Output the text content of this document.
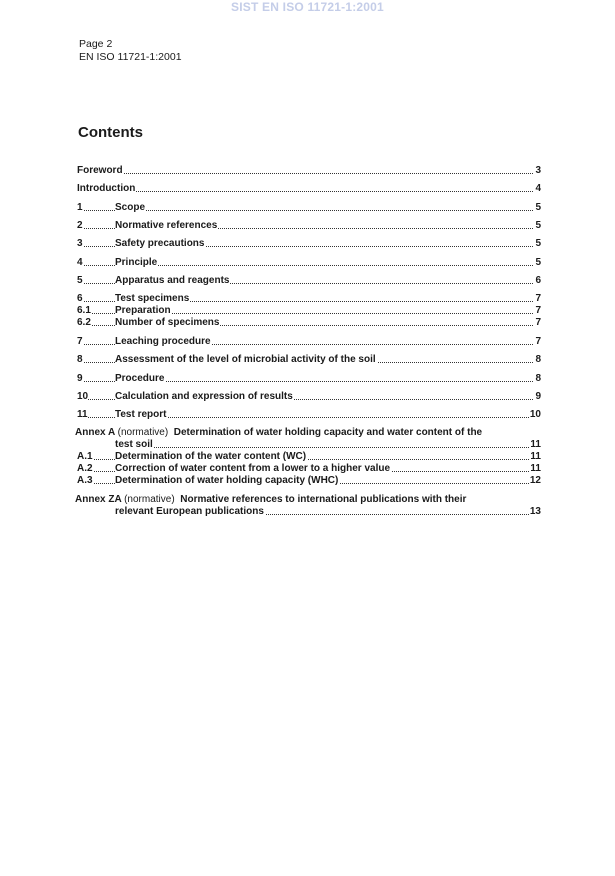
SIST EN ISO 11721-1:2001
Page 2
EN ISO 11721-1:2001
Contents
Foreword	3
Introduction	4
1	Scope	5
2	Normative references	5
3	Safety precautions	5
4	Principle	5
5	Apparatus and reagents	6
6	Test specimens	7
6.1 Preparation	7
6.2 Number of specimens	7
7	Leaching procedure	7
8	Assessment of the level of microbial activity of the soil	8
9	Procedure	8
10	Calculation and expression of results	9
11	Test report	10
Annex A (normative) Determination of water holding capacity and water content of the
test soil	11
A.1 Determination of the water content (WC)	11
A.2 Correction of water content from a lower to a higher value	11
A.3 Determination of water holding capacity (WHC)	12
Annex ZA (normative) Normative references to international publications with their
relevant European publications	13
